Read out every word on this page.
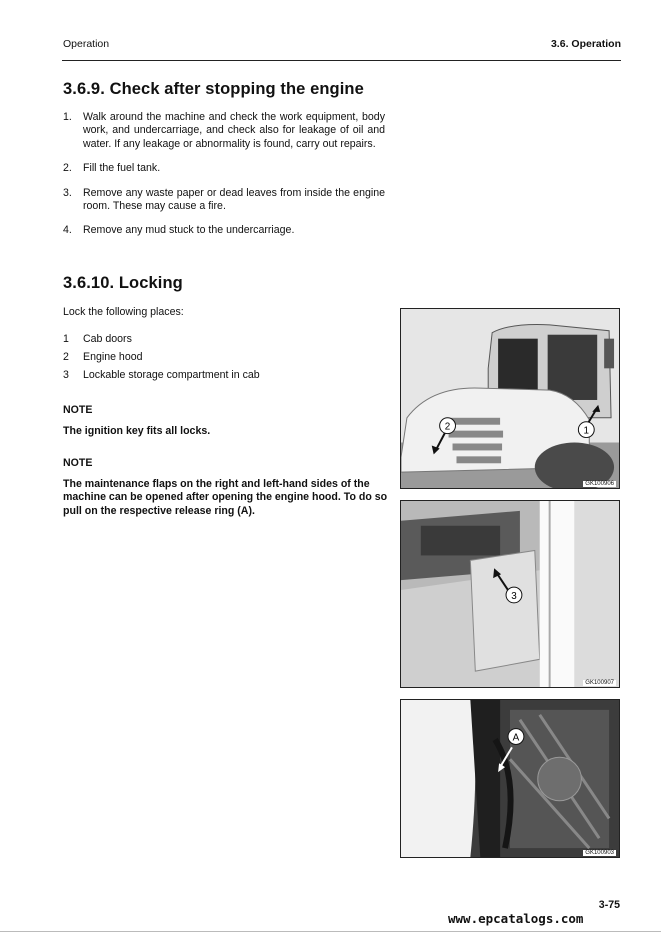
Operation	3.6. Operation
3.6.9. Check after stopping the engine
1. Walk around the machine and check the work equipment, body work, and undercarriage, and check also for leakage of oil and water. If any leakage or abnormality is found, carry out repairs.
2. Fill the fuel tank.
3. Remove any waste paper or dead leaves from inside the engine room. These may cause a fire.
4. Remove any mud stuck to the undercarriage.
3.6.10. Locking
Lock the following places:
1 Cab doors
2 Engine hood
3 Lockable storage compartment in cab
NOTE
The ignition key fits all locks.
NOTE
The maintenance flaps on the right and left-hand sides of the machine can be opened after opening the engine hood. To do so pull on the respective release ring (A).
1
2
GK100906
3
GK100907
A
GK100903
3-75
www.epcatalogs.com
